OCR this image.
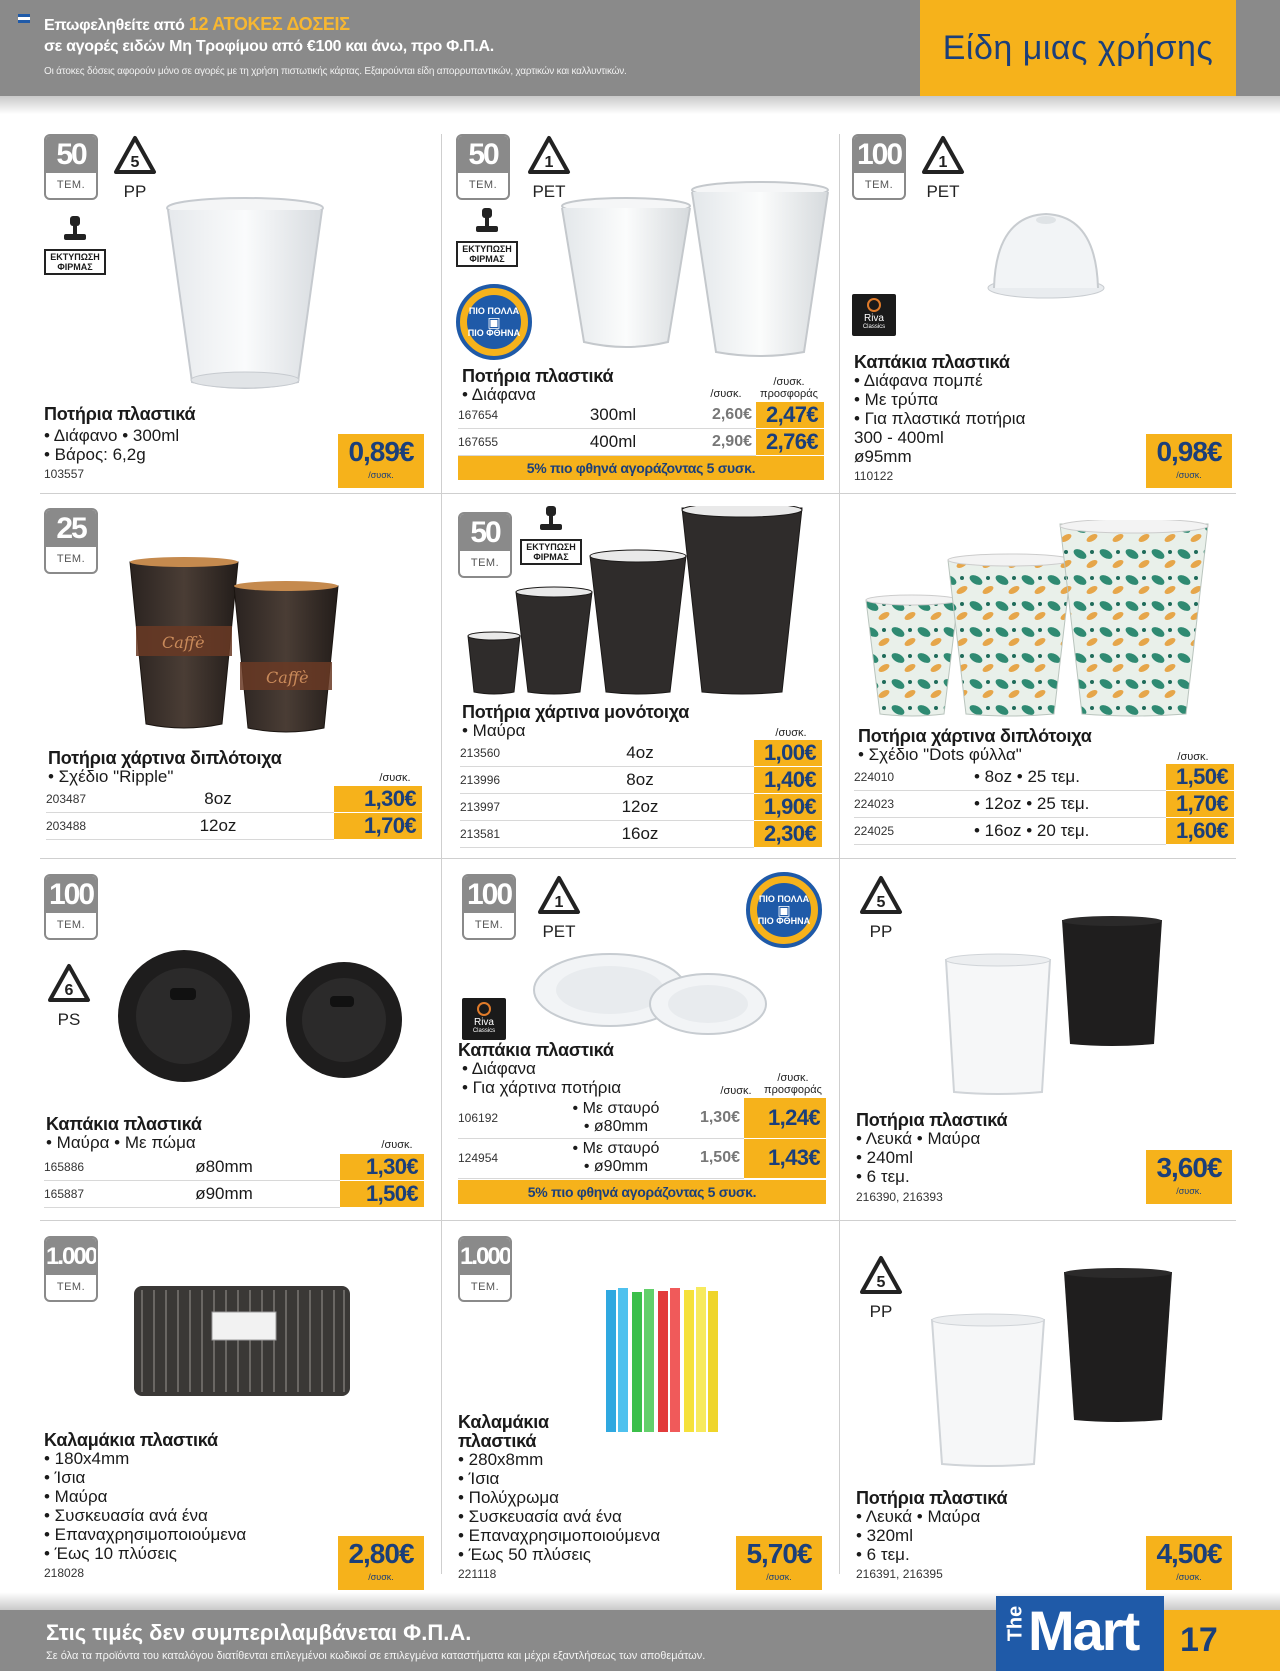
Επωφεληθείτε από 12 ΑΤΟΚΕΣ ΔΟΣΕΙΣ
σε αγορές ειδών Μη Τροφίμου από €100 και άνω, προ Φ.Π.Α.
Οι άτοκες δόσεις αφορούν μόνο σε αγορές με τη χρήση πιστωτικής κάρτας. Εξαιρούνται είδη απορρυπαντικών, χαρτικών και καλλυντικών.
Είδη μιας χρήσης
50
ΤΕΜ.
5
PP
ΕΚΤΥΠΩΣΗ ΦΙΡΜΑΣ
Ποτήρια πλαστικά
• Διάφανο • 300ml
• Βάρος: 6,2g
103557
0,89€
/συσκ.
50
ΤΕΜ.
1
PET
ΕΚΤΥΠΩΣΗ ΦΙΡΜΑΣ
ΠΙΟ ΠΟΛΛΑ
▣
ΠΙΟ ΦΘΗΝΑ
Ποτήρια πλαστικά
• Διάφανα	/συσκ.
/συσκ. προσφοράς
167654	300ml	2,60€	2,47€
167655	400ml	2,90€	2,76€
5% πιο φθηνά αγοράζοντας 5 συσκ.
100
ΤΕΜ.
1
PET
Riva
Classics
Καπάκια πλαστικά
• Διάφανα πομπέ
• Με τρύπα
• Για πλαστικά ποτήρια
300 - 400ml
ø95mm
110122
0,98€
/συσκ.
25
ΤΕΜ.
Caffè
Caffè
Ποτήρια χάρτινα διπλότοιχα
• Σχέδιο "Ripple"	/συσκ.
203487	8oz		1,30€
203488	12oz		1,70€
50
ΤΕΜ.
ΕΚΤΥΠΩΣΗ ΦΙΡΜΑΣ
Ποτήρια χάρτινα μονότοιχα
• Μαύρα	/συσκ.
213560	4oz		1,00€
213996	8oz		1,40€
213997	12oz		1,90€
213581	16oz		2,30€
Ποτήρια χάρτινα διπλότοιχα
• Σχέδιο "Dots φύλλα"	/συσκ.
224010	• 8oz • 25 τεμ.		1,50€
224023	• 12oz • 25 τεμ.		1,70€
224025	• 16oz • 20 τεμ.		1,60€
100
ΤΕΜ.
6
PS
Καπάκια πλαστικά
• Μαύρα • Με πώμα	/συσκ.
165886	ø80mm		1,30€
165887	ø90mm		1,50€
100
ΤΕΜ.
1
PET
ΠΙΟ ΠΟΛΛΑ
▣
ΠΙΟ ΦΘΗΝΑ
Riva
Classics
Καπάκια πλαστικά
• Διάφανα
• Για χάρτινα ποτήρια	/συσκ.
/συσκ. προσφοράς
106192	• Με σταυρό
• ø80mm	1,30€	1,24€
124954	• Με σταυρό
• ø90mm	1,50€	1,43€
5% πιο φθηνά αγοράζοντας 5 συσκ.
5
PP
Ποτήρια πλαστικά
• Λευκά • Μαύρα
• 240ml
• 6 τεμ.
216390, 216393
3,60€
/συσκ.
1.000
ΤΕΜ.
Καλαμάκια πλαστικά
• 180x4mm
• Ίσια
• Μαύρα
• Συσκευασία ανά ένα
• Επαναχρησιμοποιούμενα
• Έως 10 πλύσεις
218028
2,80€
/συσκ.
1.000
ΤΕΜ.
Καλαμάκια
πλαστικά
• 280x8mm
• Ίσια
• Πολύχρωμα
• Συσκευασία ανά ένα
• Επαναχρησιμοποιούμενα
• Έως 50 πλύσεις
221118
5,70€
/συσκ.
5
PP
Ποτήρια πλαστικά
• Λευκά • Μαύρα
• 320ml
• 6 τεμ.
216391, 216395
4,50€
/συσκ.
Στις τιμές δεν συμπεριλαμβάνεται Φ.Π.Α.
Σε όλα τα προϊόντα του καταλόγου διατίθενται επιλεγμένοι κωδικοί σε επιλεγμένα καταστήματα και μέχρι εξαντλήσεως των αποθεμάτων.
The Mart	17
